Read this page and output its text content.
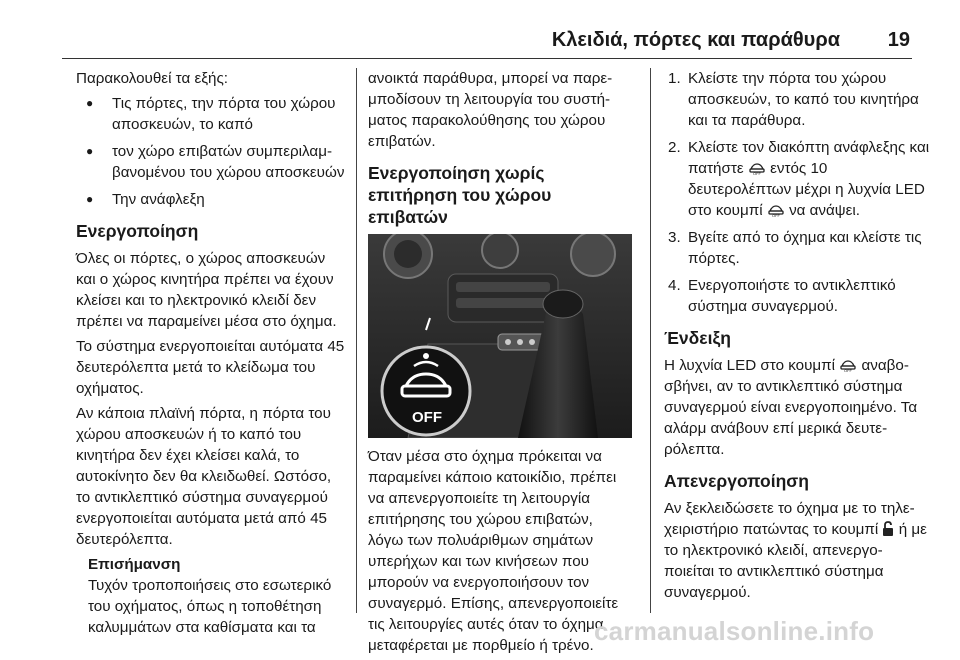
Κλειδιά, πόρτες και παράθυρα 19

Παρακολουθεί τα εξής:

● Τις πόρτες, την πόρτα του χώρου αποσκευών, το καπό
● τον χώρο επιβατών συμπεριλαμ-βανομένου του χώρου αποσκευών
● Την ανάφλεξη
Ενεργοποίηση

Όλες οι πόρτες, ο χώρος αποσκευών και ο χώρος κινητήρα πρέπει να έχουν κλείσει και το ηλεκτρονικό κλειδί δεν πρέπει να παραμείνει μέσα στο όχημα.

Το σύστημα ενεργοποιείται αυτόματα 45 δευτερόλεπτα μετά το κλείδωμα του οχήματος.

Αν κάποια πλαϊνή πόρτα, η πόρτα του χώρου αποσκευών ή το καπό του κινητήρα δεν έχει κλείσει καλά, το αυτοκίνητο δεν θα κλειδωθεί. Ωστόσο, το αντικλεπτικό σύστημα συναγερμού ενεργοποιείται αυτόματα μετά από 45 δευτερόλεπτα.

Επισήμανση

Τυχόν τροποποιήσεις στο εσωτερικό του οχήματος, όπως η τοποθέτηση καλυμμάτων στα καθίσματα και τα

ανοικτά παράθυρα, μπορεί να παρε-μποδίσουν τη λειτουργία του συστή-ματος παρακολούθησης του χώρου επιβατών.

Ενεργοποίηση χωρίς επιτήρηση του χώρου επιβατών
OFF

Όταν μέσα στο όχημα πρόκειται να παραμείνει κάποιο κατοικίδιο, πρέπει να απενεργοποιείτε τη λειτουργία επιτήρησης του χώρου επιβατών, λόγω των πολυάριθμων σημάτων υπερήχων και των κινήσεων που μπορούν να ενεργοποιήσουν τον συναγερμό. Επίσης, απενεργοποιείτε τις λειτουργίες αυτές όταν το όχημα μεταφέρεται με πορθμείο ή τρένο.

1. Κλείστε την πόρτα του χώρου αποσκευών, το καπό του κινητήρα και τα παράθυρα.
2. Κλείστε τον διακόπτη ανάφλεξης και πατήστε OFF εντός 10 δευτερολέπτων μέχρι η λυχνία LED στο κουμπί OFF να ανάψει.
3. Βγείτε από το όχημα και κλείστε τις πόρτες.
4. Ενεργοποιήστε το αντικλεπτικό σύστημα συναγερμού.
Ένδειξη

Η λυχνία LED στο κουμπί OFF αναβο-σβήνει, αν το αντικλεπτικό σύστημα συναγερμού είναι ενεργοποιημένο. Τα αλάρμ ανάβουν επί μερικά δευτε-ρόλεπτα.

Απενεργοποίηση

Αν ξεκλειδώσετε το όχημα με το τηλε-χειριστήριο πατώντας το κουμπί ή με το ηλεκτρονικό κλειδί, απενεργο-ποιείται το αντικλεπτικό σύστημα συναγερμού.

carmanualsonline.info
